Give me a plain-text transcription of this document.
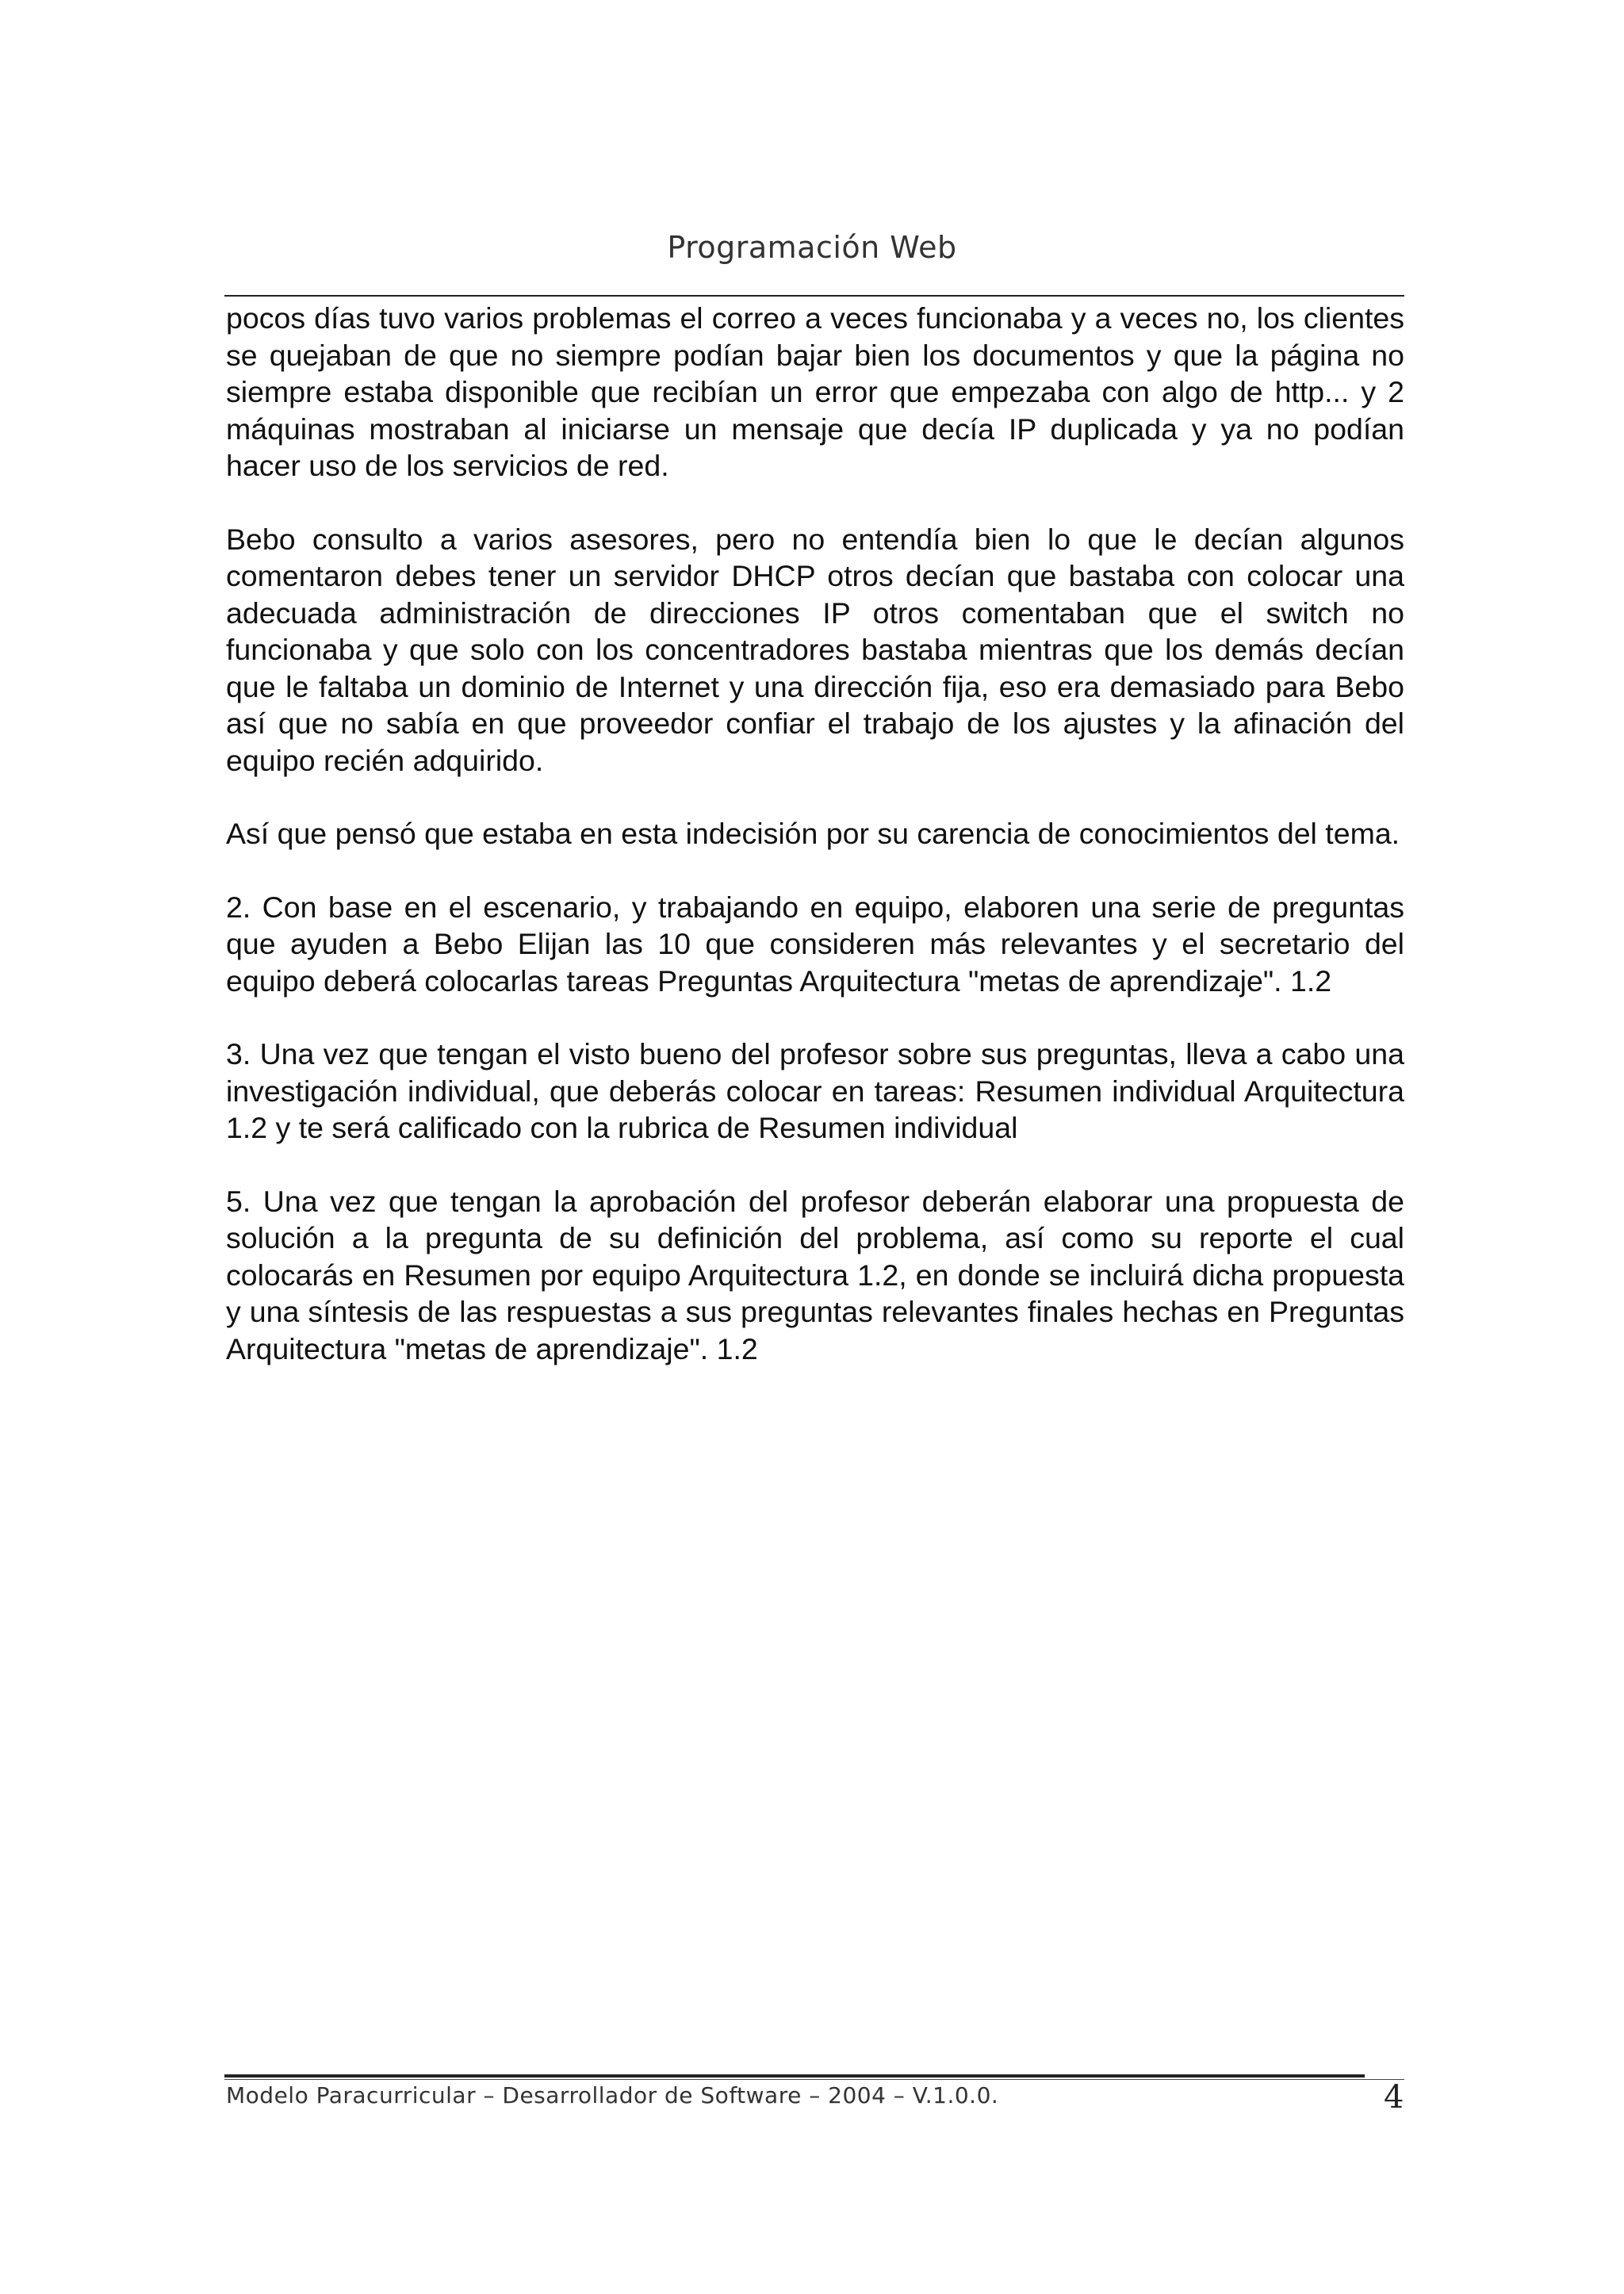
Programación Web

pocos días tuvo varios problemas el correo a veces funcionaba y a veces no, los clientes se quejaban de que no siempre podían bajar bien los documentos y que la página no siempre estaba disponible que recibían un error que empezaba con algo de http... y 2 máquinas mostraban al iniciarse un mensaje que decía IP duplicada y ya no podían hacer uso de los servicios de red.

Bebo consulto a varios asesores, pero no entendía bien lo que le decían algunos comentaron debes tener un servidor DHCP otros decían que bastaba con colocar una adecuada administración de direcciones IP otros comentaban que el switch no funcionaba y que solo con los concentradores bastaba mientras que los demás decían que le faltaba un dominio de Internet y una dirección fija, eso era demasiado para Bebo así que no sabía en que proveedor confiar el trabajo de los ajustes y la afinación del equipo recién adquirido.

Así que pensó que estaba en esta indecisión por su carencia de conocimientos del tema.

2. Con base en el escenario, y trabajando en equipo, elaboren una serie de preguntas que ayuden a Bebo Elijan las 10 que consideren más relevantes y el secretario del equipo deberá colocarlas tareas Preguntas Arquitectura "metas de aprendizaje". 1.2

3. Una vez que tengan el visto bueno del profesor sobre sus preguntas, lleva a cabo una investigación individual, que deberás colocar en tareas: Resumen individual Arquitectura 1.2 y te será calificado con la rubrica de Resumen individual

5. Una vez que tengan la aprobación del profesor deberán elaborar una propuesta de solución a la pregunta de su definición del problema, así como su reporte el cual colocarás en Resumen por equipo Arquitectura 1.2, en donde se incluirá dicha propuesta y una síntesis de las respuestas a sus preguntas relevantes finales hechas en Preguntas Arquitectura "metas de aprendizaje". 1.2

Modelo Paracurricular – Desarrollador de Software – 2004 – V.1.0.0.	4
